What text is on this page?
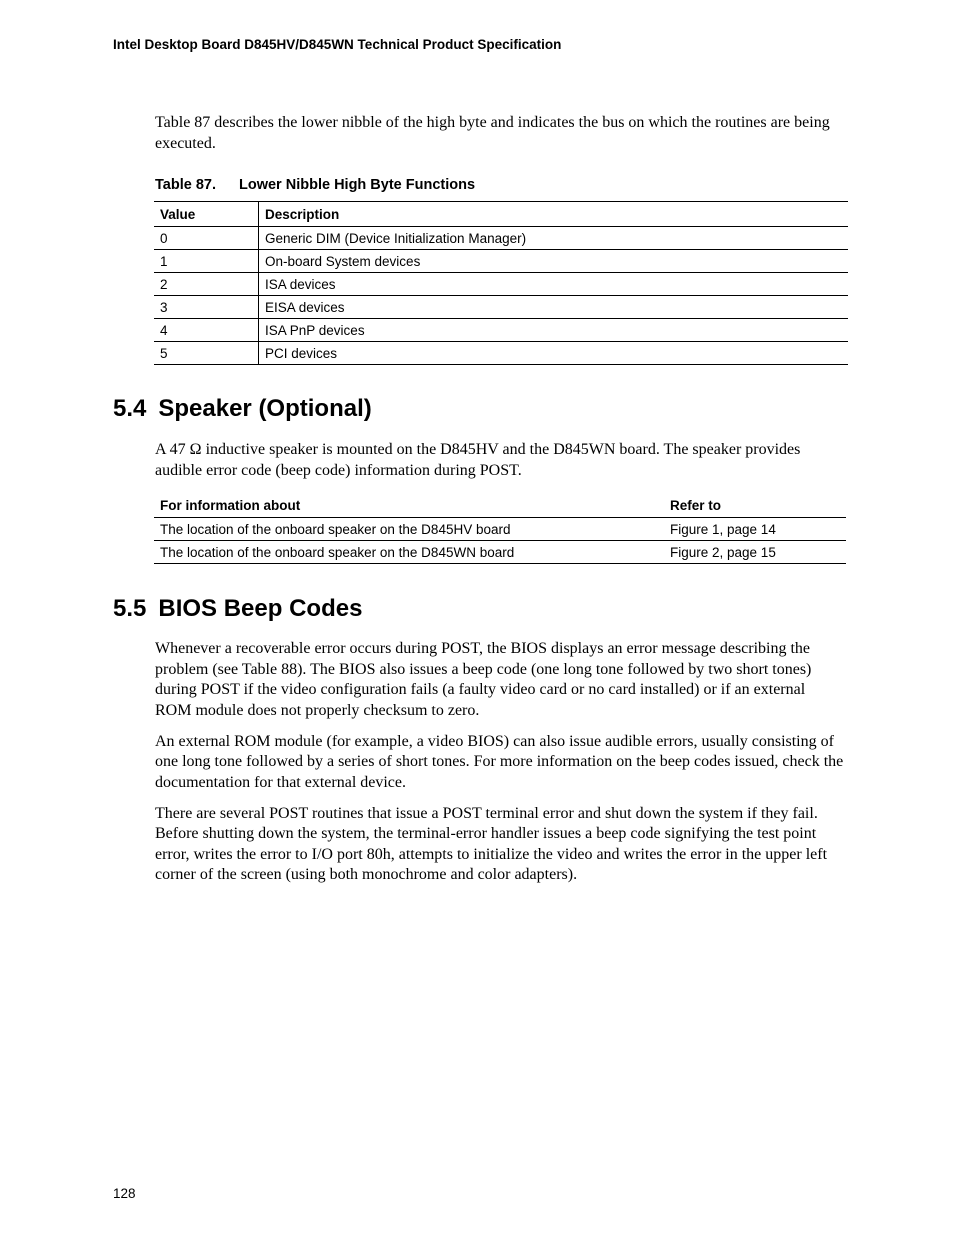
Intel Desktop Board D845HV/D845WN Technical Product Specification

Table 87 describes the lower nibble of the high byte and indicates the bus on which the routines are being executed.

Table 87. Lower Nibble High Byte Functions
Value	Description
0	Generic DIM (Device Initialization Manager)
1	On-board System devices
2	ISA devices
3	EISA devices
4	ISA PnP devices
5	PCI devices
5.4 Speaker (Optional)

A 47 Ω inductive speaker is mounted on the D845HV and the D845WN board. The speaker provides audible error code (beep code) information during POST.

For information about	Refer to
The location of the onboard speaker on the D845HV board	Figure 1, page 14
The location of the onboard speaker on the D845WN board	Figure 2, page 15
5.5 BIOS Beep Codes

Whenever a recoverable error occurs during POST, the BIOS displays an error message describing the problem (see Table 88). The BIOS also issues a beep code (one long tone followed by two short tones) during POST if the video configuration fails (a faulty video card or no card installed) or if an external ROM module does not properly checksum to zero.

An external ROM module (for example, a video BIOS) can also issue audible errors, usually consisting of one long tone followed by a series of short tones. For more information on the beep codes issued, check the documentation for that external device.

There are several POST routines that issue a POST terminal error and shut down the system if they fail. Before shutting down the system, the terminal-error handler issues a beep code signifying the test point error, writes the error to I/O port 80h, attempts to initialize the video and writes the error in the upper left corner of the screen (using both monochrome and color adapters).

128
